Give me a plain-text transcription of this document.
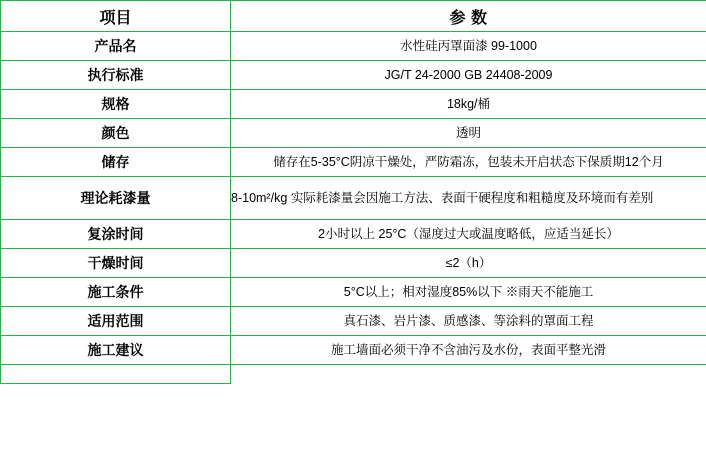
项目	参 数
产品名	水性硅丙罩面漆 99-1000
执行标准	JG/T 24-2000 GB 24408-2009
规格	18kg/桶
颜色	透明
储存	储存在5-35°C阴凉干燥处，严防霜冻，包装未开启状态下保质期12个月
理论耗漆量	8-10m²/kg 实际耗漆量会因施工方法、表面干硬程度和粗糙度及环境而有差别
复涂时间	2小时以上 25°C（湿度过大或温度略低，应适当延长）
干燥时间	≤2（h）
施工条件	5°C以上；相对湿度85%以下 ※雨天不能施工
适用范围	真石漆、岩片漆、质感漆、等涂料的罩面工程
施工建议	施工墙面必须干净不含油污及水份，表面平整光滑
